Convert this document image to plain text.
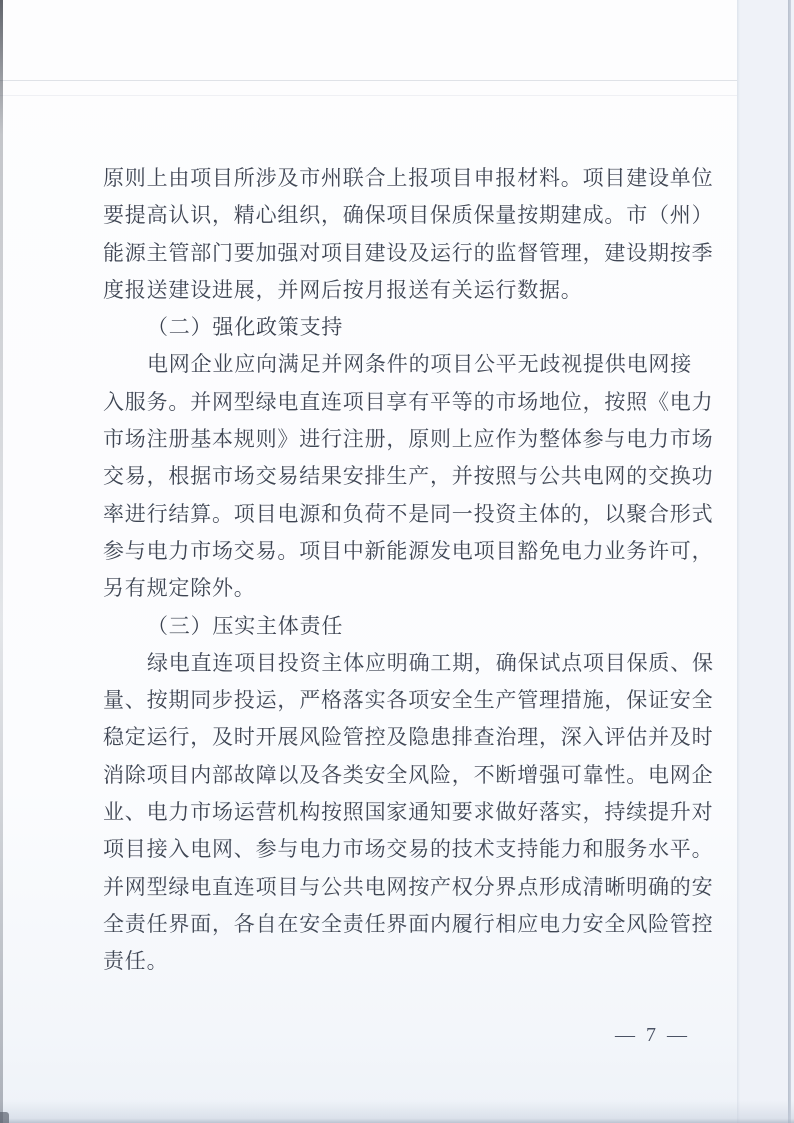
原则上由项目所涉及市州联合上报项目申报材料。项目建设单位
要提高认识，精心组织，确保项目保质保量按期建成。市（州）
能源主管部门要加强对项目建设及运行的监督管理，建设期按季
度报送建设进展，并网后按月报送有关运行数据。
（二）强化政策支持
电网企业应向满足并网条件的项目公平无歧视提供电网接
入服务。并网型绿电直连项目享有平等的市场地位，按照《电力
市场注册基本规则》进行注册，原则上应作为整体参与电力市场
交易，根据市场交易结果安排生产，并按照与公共电网的交换功
率进行结算。项目电源和负荷不是同一投资主体的，以聚合形式
参与电力市场交易。项目中新能源发电项目豁免电力业务许可，
另有规定除外。
（三）压实主体责任
绿电直连项目投资主体应明确工期，确保试点项目保质、保
量、按期同步投运，严格落实各项安全生产管理措施，保证安全
稳定运行，及时开展风险管控及隐患排查治理，深入评估并及时
消除项目内部故障以及各类安全风险，不断增强可靠性。电网企
业、电力市场运营机构按照国家通知要求做好落实，持续提升对
项目接入电网、参与电力市场交易的技术支持能力和服务水平。
并网型绿电直连项目与公共电网按产权分界点形成清晰明确的安
全责任界面，各自在安全责任界面内履行相应电力安全风险管控
责任。
— 7 —
